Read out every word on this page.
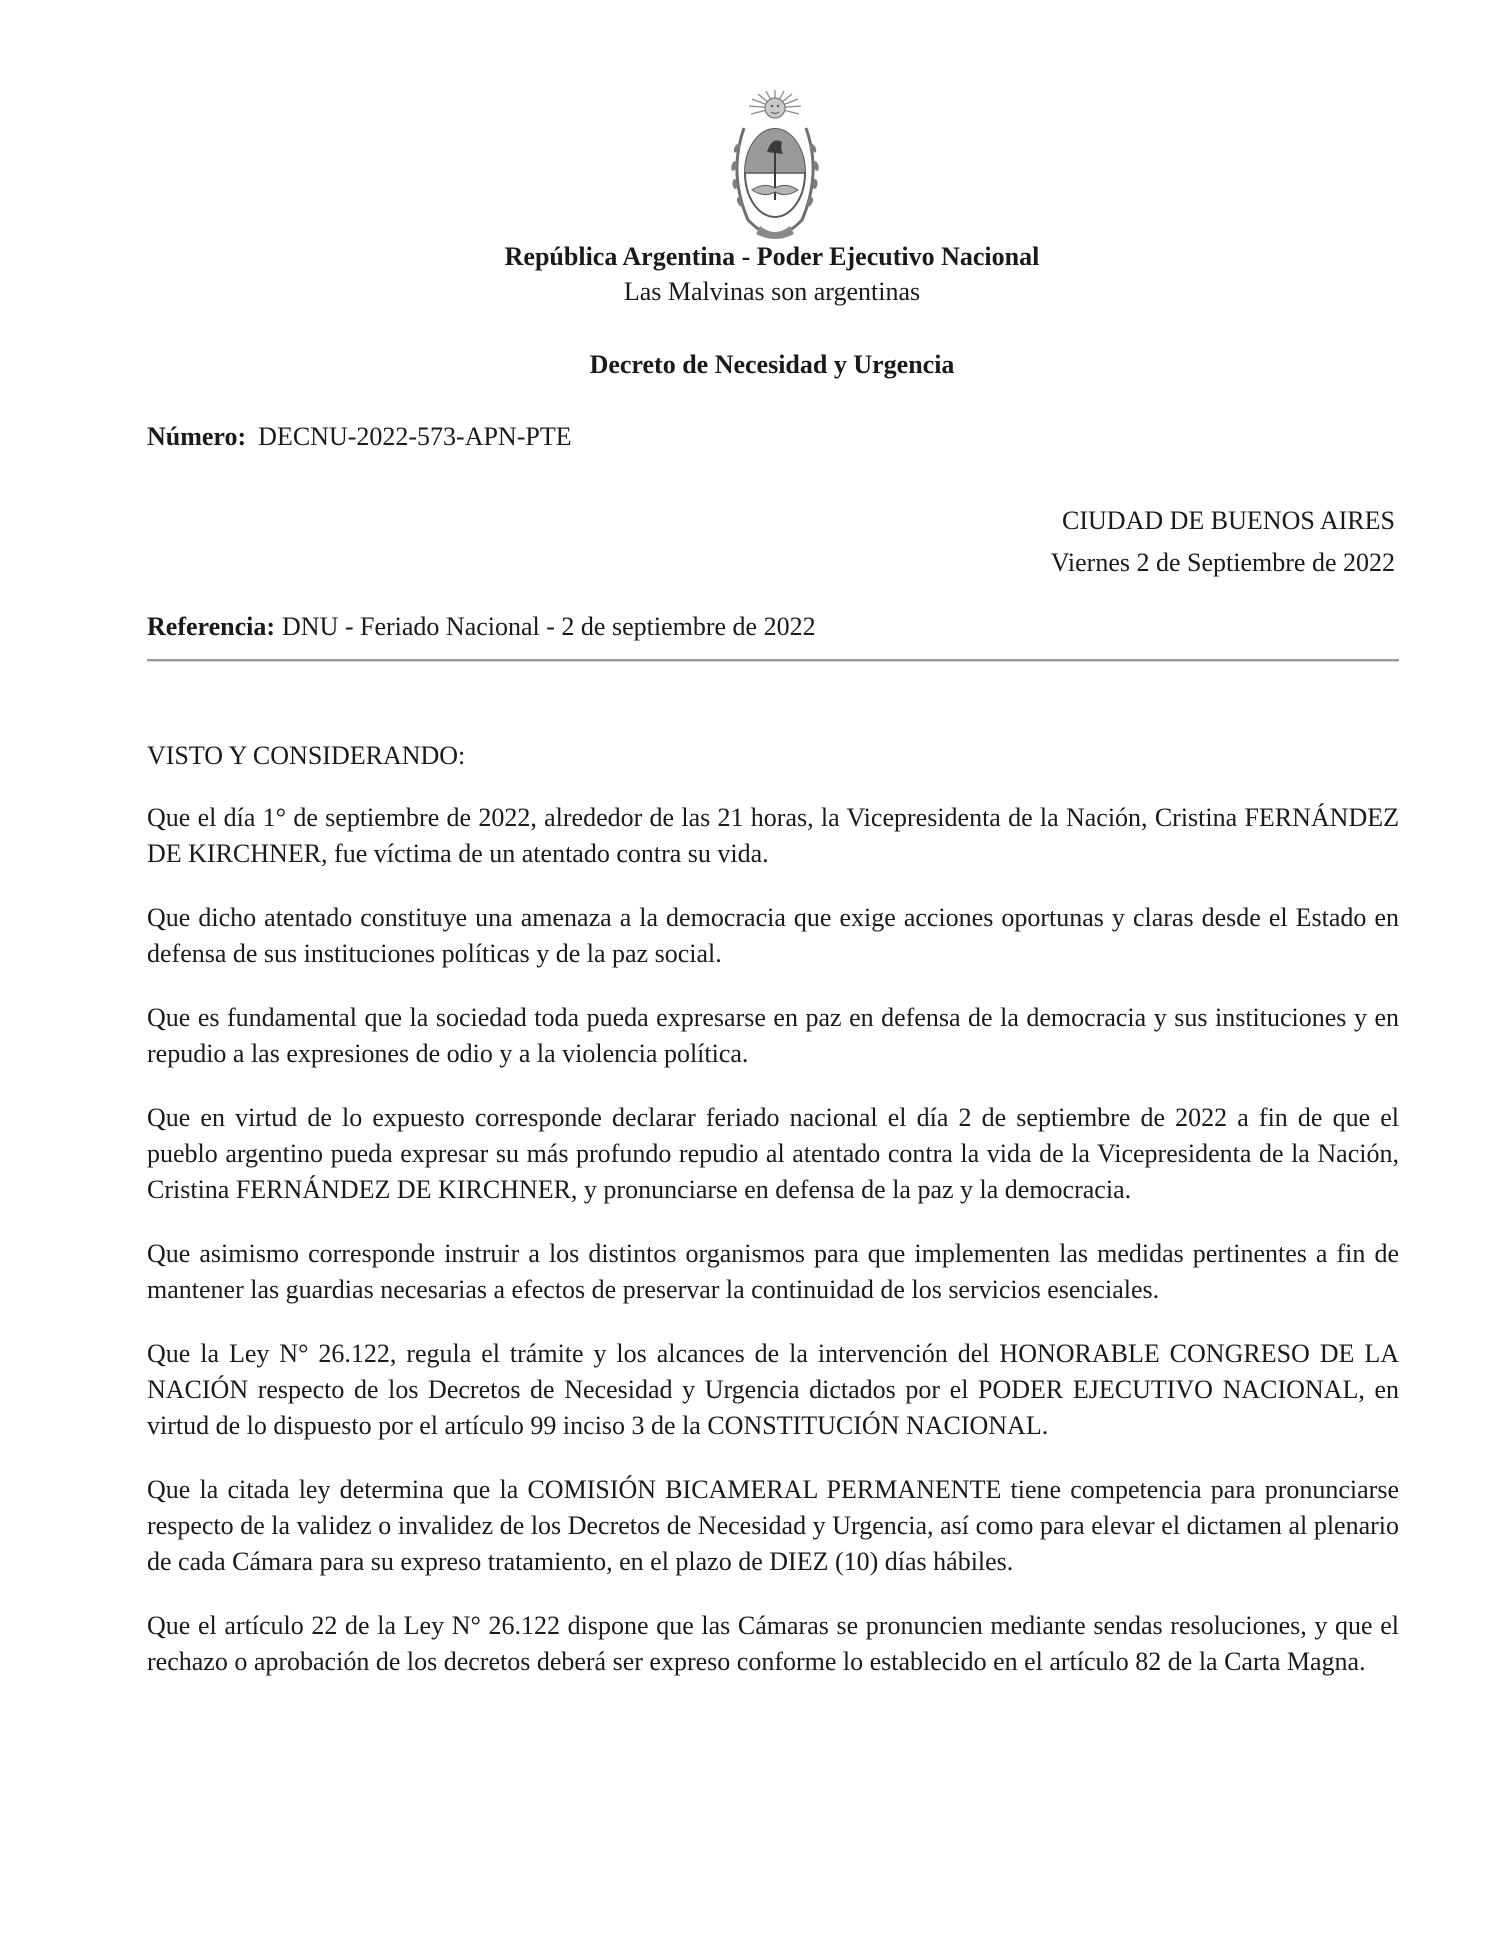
República Argentina - Poder Ejecutivo Nacional
Las Malvinas son argentinas
Decreto de Necesidad y Urgencia
Número: DECNU-2022-573-APN-PTE
CIUDAD DE BUENOS AIRES
Viernes 2 de Septiembre de 2022
Referencia: DNU - Feriado Nacional - 2 de septiembre de 2022

VISTO Y CONSIDERANDO:

Que el día 1° de septiembre de 2022, alrededor de las 21 horas, la Vicepresidenta de la Nación, Cristina FERNÁNDEZ DE KIRCHNER, fue víctima de un atentado contra su vida.

Que dicho atentado constituye una amenaza a la democracia que exige acciones oportunas y claras desde el Estado en defensa de sus instituciones políticas y de la paz social.

Que es fundamental que la sociedad toda pueda expresarse en paz en defensa de la democracia y sus instituciones y en repudio a las expresiones de odio y a la violencia política.

Que en virtud de lo expuesto corresponde declarar feriado nacional el día 2 de septiembre de 2022 a fin de que el pueblo argentino pueda expresar su más profundo repudio al atentado contra la vida de la Vicepresidenta de la Nación, Cristina FERNÁNDEZ DE KIRCHNER, y pronunciarse en defensa de la paz y la democracia.

Que asimismo corresponde instruir a los distintos organismos para que implementen las medidas pertinentes a fin de mantener las guardias necesarias a efectos de preservar la continuidad de los servicios esenciales.

Que la Ley N° 26.122, regula el trámite y los alcances de la intervención del HONORABLE CONGRESO DE LA NACIÓN respecto de los Decretos de Necesidad y Urgencia dictados por el PODER EJECUTIVO NACIONAL, en virtud de lo dispuesto por el artículo 99 inciso 3 de la CONSTITUCIÓN NACIONAL.

Que la citada ley determina que la COMISIÓN BICAMERAL PERMANENTE tiene competencia para pronunciarse respecto de la validez o invalidez de los Decretos de Necesidad y Urgencia, así como para elevar el dictamen al plenario de cada Cámara para su expreso tratamiento, en el plazo de DIEZ (10) días hábiles.

Que el artículo 22 de la Ley N° 26.122 dispone que las Cámaras se pronuncien mediante sendas resoluciones, y que el rechazo o aprobación de los decretos deberá ser expreso conforme lo establecido en el artículo 82 de la Carta Magna.
